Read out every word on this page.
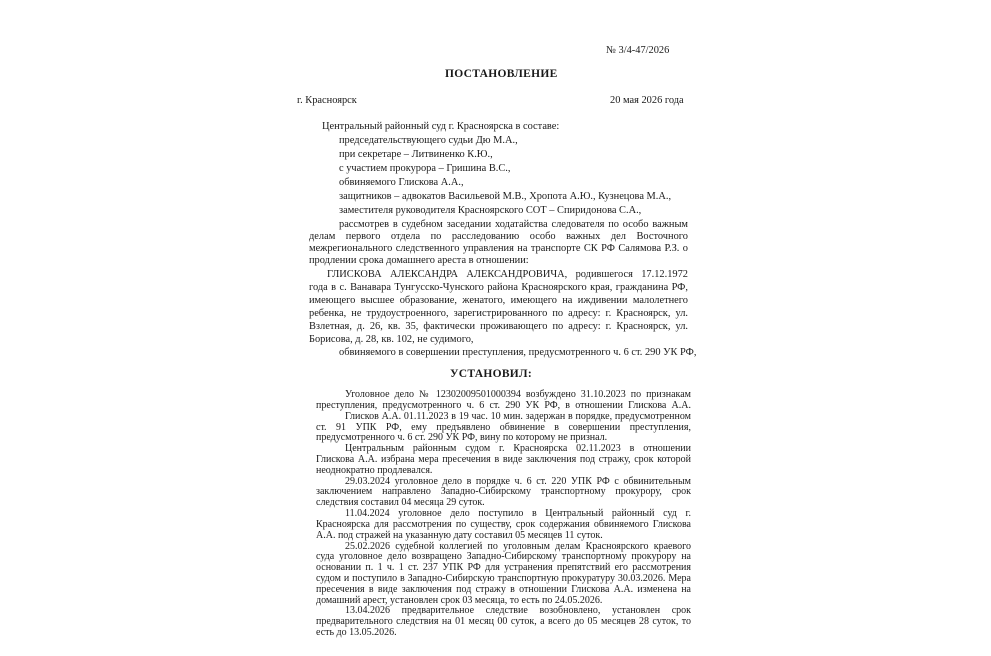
№ 3/4-47/2026
ПОСТАНОВЛЕНИЕ
г. Красноярск	20 мая 2026 года
Центральный районный суд г. Красноярска в составе:
председательствующего судьи Дю М.А.,
при секретаре – Литвиненко К.Ю.,
с участием прокурора – Гришина В.С.,
обвиняемого Глискова А.А.,
защитников – адвокатов Васильевой М.В., Хропота А.Ю., Кузнецова М.А.,
заместителя руководителя Красноярского СОТ – Спиридонова С.А.,
рассмотрев в судебном заседании ходатайства следователя по особо важным
делам первого отдела по расследованию особо важных дел Восточного
межрегионального следственного управления на транспорте СК РФ Салямова Р.З. о
продлении срока домашнего ареста в отношении:
ГЛИСКОВА АЛЕКСАНДРА АЛЕКСАНДРОВИЧА, родившегося 17.12.1972
года в с. Ванавара Тунгусско-Чунского района Красноярского края, гражданина РФ,
имеющего высшее образование, женатого, имеющего на иждивении малолетнего
ребенка, не трудоустроенного, зарегистрированного по адресу: г. Красноярск, ул.
Взлетная, д. 26, кв. 35, фактически проживающего по адресу: г. Красноярск, ул.
Борисова, д. 28, кв. 102, не судимого,
обвиняемого в совершении преступления, предусмотренного ч. 6 ст. 290 УК РФ,
УСТАНОВИЛ:
Уголовное дело № 12302009501000394 возбуждено 31.10.2023 по признакам
преступления, предусмотренного ч. 6 ст. 290 УК РФ, в отношении Глискова А.А.
Глисков А.А. 01.11.2023 в 19 час. 10 мин. задержан в порядке, предусмотренном
ст. 91 УПК РФ, ему предъявлено обвинение в совершении преступления,
предусмотренного ч. 6 ст. 290 УК РФ, вину по которому не признал.
Центральным районным судом г. Красноярска 02.11.2023 в отношении
Глискова А.А. избрана мера пресечения в виде заключения под стражу, срок которой
неоднократно продлевался.
29.03.2024 уголовное дело в порядке ч. 6 ст. 220 УПК РФ с обвинительным
заключением направлено Западно-Сибирскому транспортному прокурору, срок
следствия составил 04 месяца 29 суток.
11.04.2024 уголовное дело поступило в Центральный районный суд г.
Красноярска для рассмотрения по существу, срок содержания обвиняемого Глискова
А.А. под стражей на указанную дату составил 05 месяцев 11 суток.
25.02.2026 судебной коллегией по уголовным делам Красноярского краевого
суда уголовное дело возвращено Западно-Сибирскому транспортному прокурору на
основании п. 1 ч. 1 ст. 237 УПК РФ для устранения препятствий его рассмотрения
судом и поступило в Западно-Сибирскую транспортную прокуратуру 30.03.2026. Мера
пресечения в виде заключения под стражу в отношении Глискова А.А. изменена на
домашний арест, установлен срок 03 месяца, то есть по 24.05.2026.
13.04.2026 предварительное следствие возобновлено, установлен срок
предварительного следствия на 01 месяц 00 суток, а всего до 05 месяцев 28 суток, то
есть до 13.05.2026.
